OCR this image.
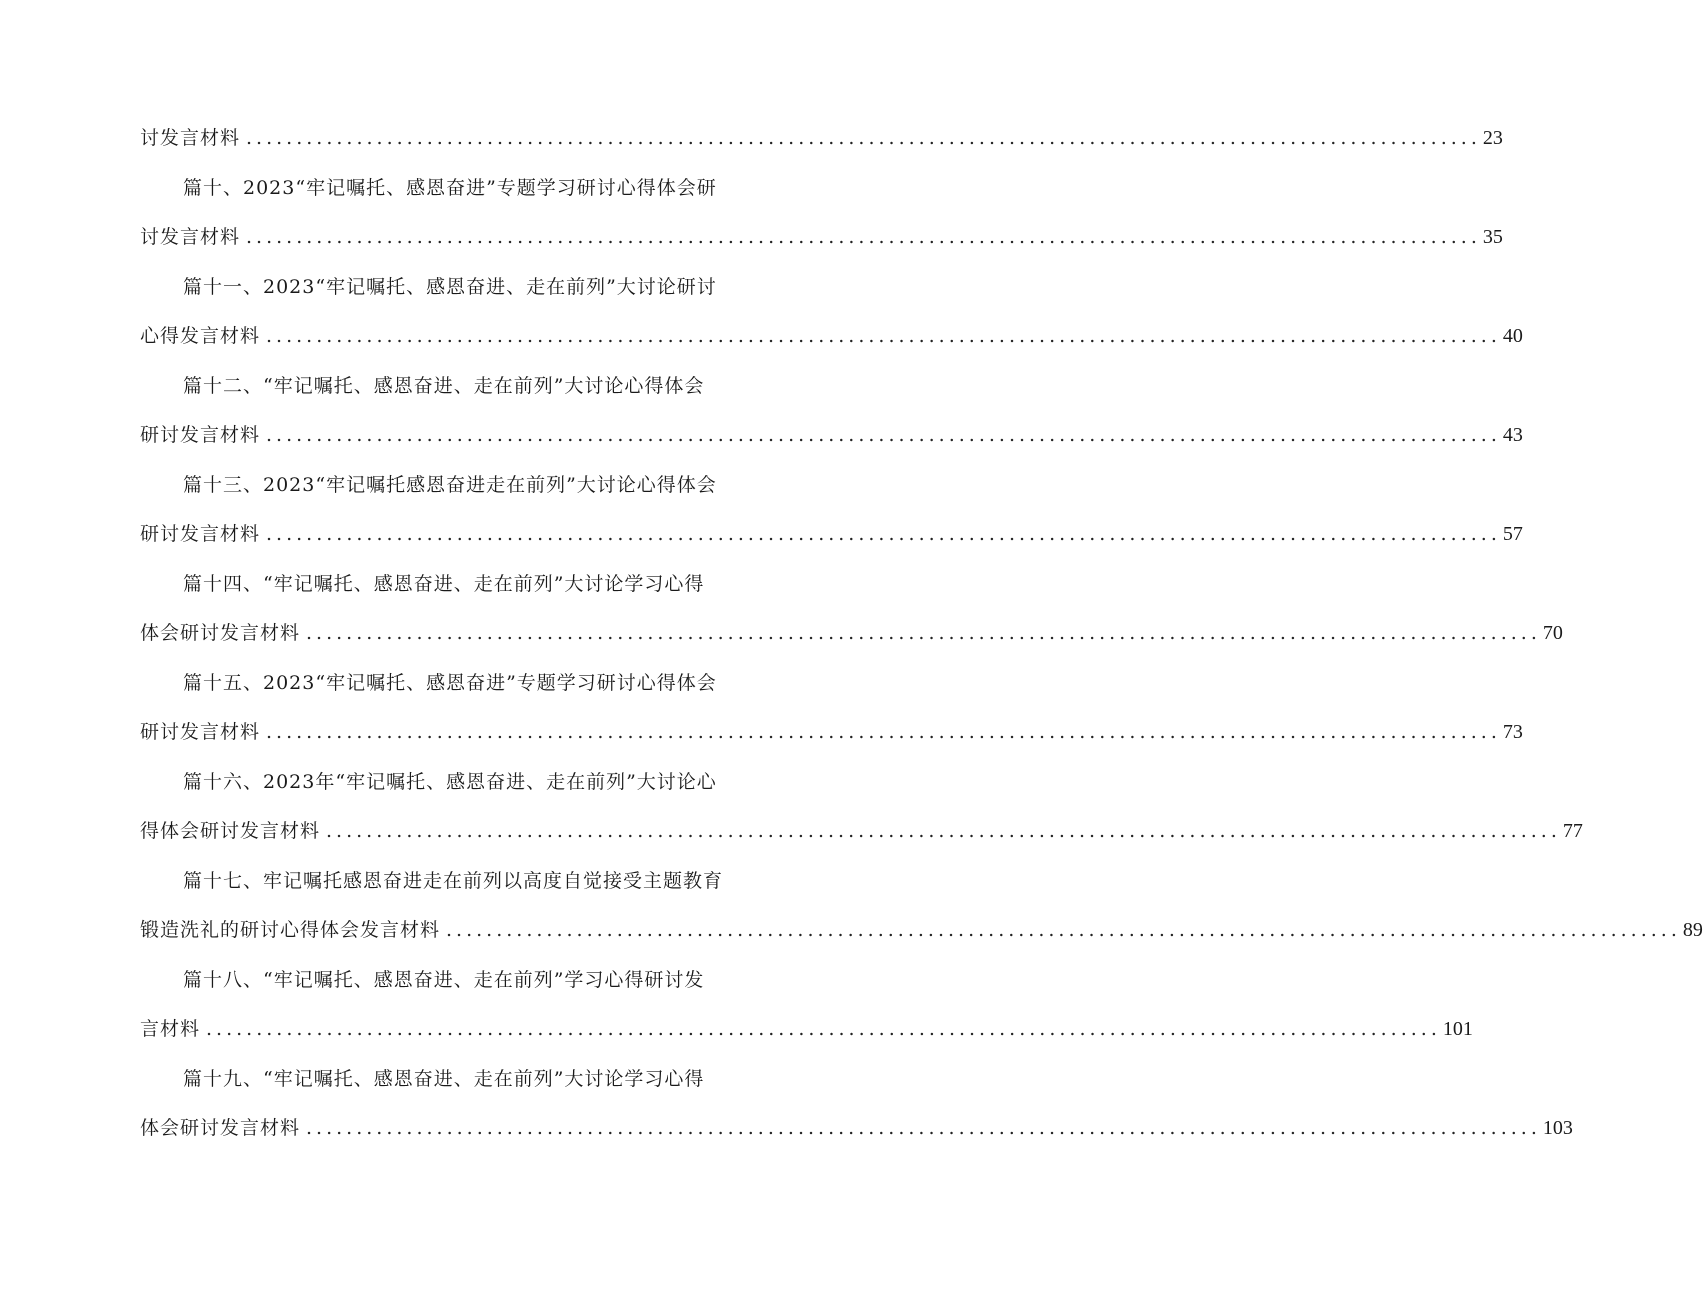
讨发言材料 ........................................................................................................................... 23
篇十、2023“牢记嘱托、感恩奋进”专题学习研讨心得体会研
讨发言材料 ........................................................................................................................... 35
篇十一、2023“牢记嘱托、感恩奋进、走在前列”大讨论研讨
心得发言材料 ........................................................................................................................... 40
篇十二、“牢记嘱托、感恩奋进、走在前列”大讨论心得体会
研讨发言材料 ........................................................................................................................... 43
篇十三、2023“牢记嘱托感恩奋进走在前列”大讨论心得体会
研讨发言材料 ........................................................................................................................... 57
篇十四、“牢记嘱托、感恩奋进、走在前列”大讨论学习心得
体会研讨发言材料 ........................................................................................................................... 70
篇十五、2023“牢记嘱托、感恩奋进”专题学习研讨心得体会
研讨发言材料 ........................................................................................................................... 73
篇十六、2023年“牢记嘱托、感恩奋进、走在前列”大讨论心
得体会研讨发言材料 ........................................................................................................................... 77
篇十七、牢记嘱托感恩奋进走在前列以高度自觉接受主题教育
锻造洗礼的研讨心得体会发言材料 ........................................................................................................................... 89
篇十八、“牢记嘱托、感恩奋进、走在前列”学习心得研讨发
言材料 ........................................................................................................................... 101
篇十九、“牢记嘱托、感恩奋进、走在前列”大讨论学习心得
体会研讨发言材料 ........................................................................................................................... 103
